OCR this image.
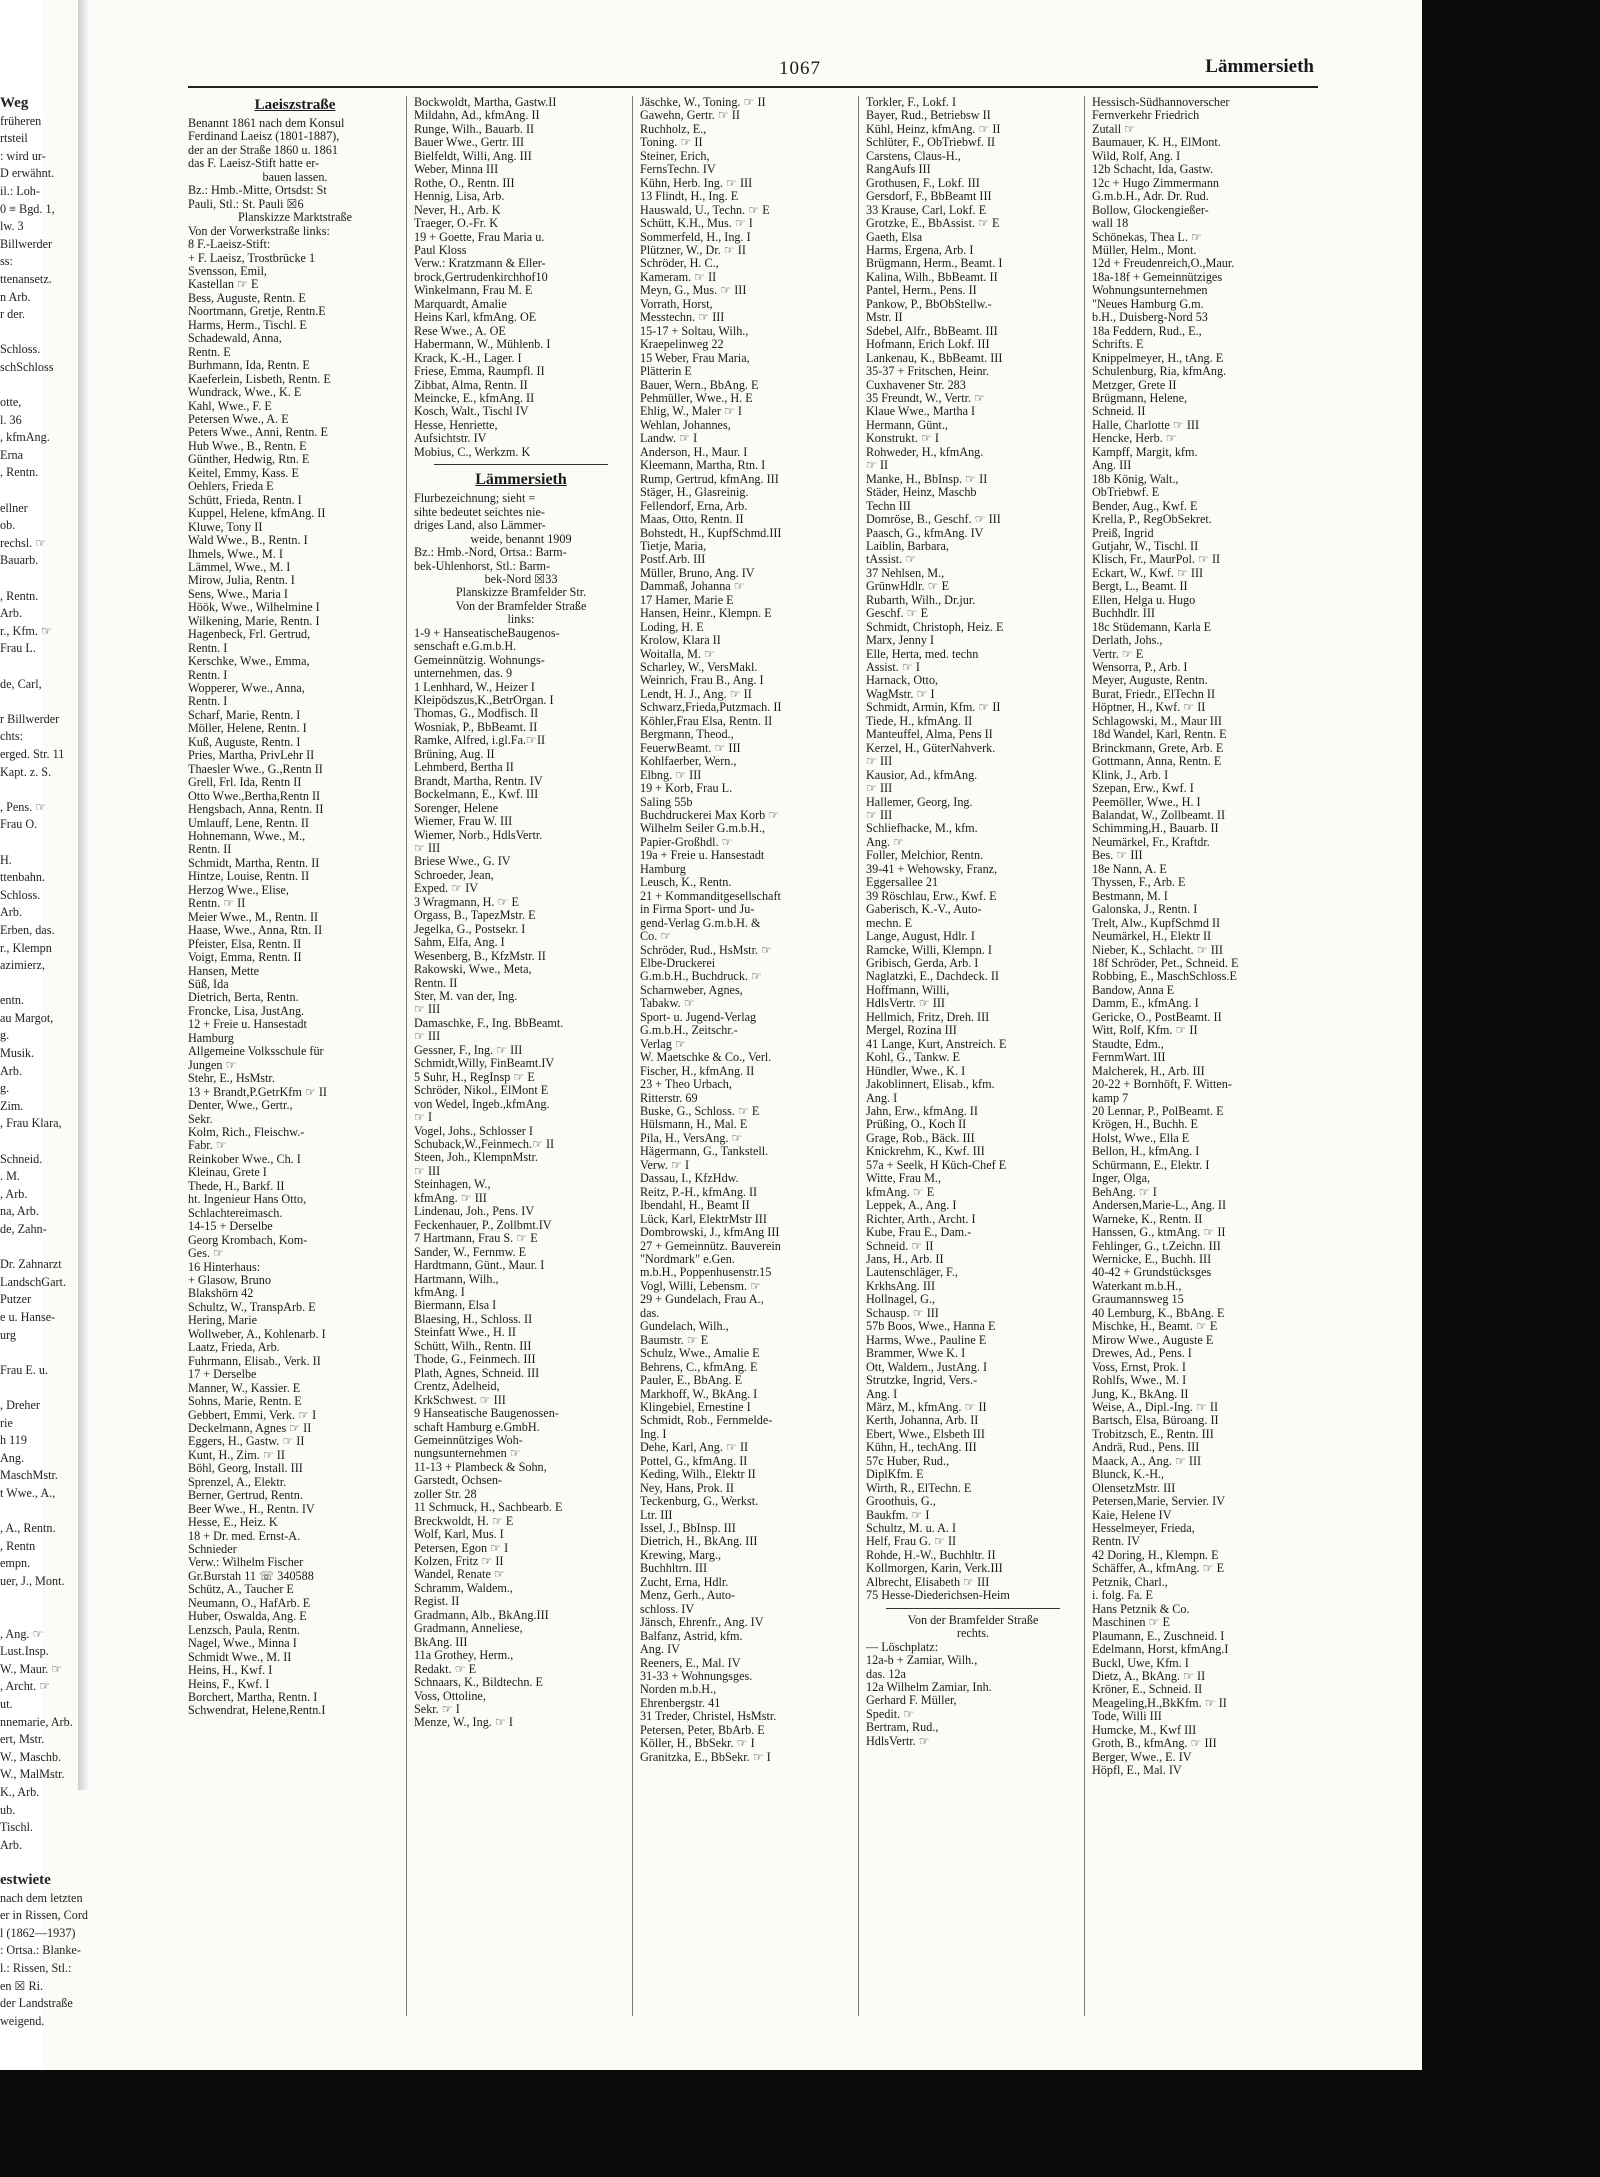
Weg
früheren
rtsteil
: wird ur-
D erwähnt.
il.: Loh-
0 ≡ Bgd. 1,
lw. 3
Billwerder
ss:
ttenansetz.
n Arb.
r der.
Schloss.
schSchloss
otte,
l. 36
, kfmAng.
Erna
, Rentn.
ellner
ob.
rechsl. ☞
Bauarb.
, Rentn.
Arb.
r., Kfm. ☞
Frau L.
de, Carl,
r Billwerder
chts:
erged. Str. 11
Kapt. z. S.
, Pens. ☞
Frau O.
H.
ttenbahn.
Schloss.
Arb.
Erben, das.
r., Klempn
azimierz,
entn.
au Margot,
g.
Musik.
Arb.
g.
Zim.
, Frau Klara,
Schneid.
. M.
, Arb.
na, Arb.
de, Zahn-
Dr. Zahnarzt
LandschGart.
Putzer
e u. Hanse-
urg
Frau E. u.
, Dreher
rie
h 119
Ang.
MaschMstr.
t Wwe., A.,
, A., Rentn.
, Rentn
empn.
uer, J., Mont.
, Ang. ☞
Lust.Insp.
W., Maur. ☞
, Archt. ☞
ut.
nnemarie, Arb.
ert, Mstr.
W., Maschb.
W., MalMstr.
K., Arb.
ub.
Tischl.
Arb.
estwiete
nach dem letzten
er in Rissen, Cord
l (1862—1937)
: Ortsa.: Blanke-
l.: Rissen, Stl.:
en ☒ Ri.
der Landstraße
weigend.
1067	Lämmersieth
Laeiszstraße
Benannt 1861 nach dem Konsul
Ferdinand Laeisz (1801-1887),
der an der Straße 1860 u. 1861
das F. Laeisz-Stift hatte er-
bauen lassen.
Bz.: Hmb.-Mitte, Ortsdst: St
Pauli, Stl.: St. Pauli ☒6
Planskizze Marktstraße
Von der Vorwerkstraße links:
8 F.-Laeisz-Stift:
+ F. Laeisz, Trostbrücke 1
Svensson, Emil,
Kastellan ☞ E
Bess, Auguste, Rentn. E
Noortmann, Gretje, Rentn.E
Harms, Herm., Tischl. E
Schadewald, Anna,
Rentn. E
Burhmann, Ida, Rentn. E
Kaeferlein, Lisbeth, Rentn. E
Wundrack, Wwe., K. E
Kahl, Wwe., F. E
Petersen Wwe., A. E
Peters Wwe., Anni, Rentn. E
Hub Wwe., B., Rentn. E
Günther, Hedwig, Rtn. E
Keitel, Emmy, Kass. E
Oehlers, Frieda E
Schütt, Frieda, Rentn. I
Kuppel, Helene, kfmAng. II
Kluwe, Tony II
Wald Wwe., B., Rentn. I
Ihmels, Wwe., M. I
Lämmel, Wwe., M. I
Mirow, Julia, Rentn. I
Sens, Wwe., Maria I
Höök, Wwe., Wilhelmine I
Wilkening, Marie, Rentn. I
Hagenbeck, Frl. Gertrud,
Rentn. I
Kerschke, Wwe., Emma,
Rentn. I
Wopperer, Wwe., Anna,
Rentn. I
Scharf, Marie, Rentn. I
Möller, Helene, Rentn. I
Kuß, Auguste, Rentn. I
Pries, Martha, PrivLehr II
Thaesler Wwe., G.,Rentn II
Grell, Frl. Ida, Rentn II
Otto Wwe.,Bertha,Rentn II
Hengsbach, Anna, Rentn. II
Umlauff, Lene, Rentn. II
Hohnemann, Wwe., M.,
Rentn. II
Schmidt, Martha, Rentn. II
Hintze, Louise, Rentn. II
Herzog Wwe., Elise,
Rentn. ☞ II
Meier Wwe., M., Rentn. II
Haase, Wwe., Anna, Rtn. II
Pfeister, Elsa, Rentn. II
Voigt, Emma, Rentn. II
Hansen, Mette
Süß, Ida
Dietrich, Berta, Rentn.
Froncke, Lisa, JustAng.
12 + Freie u. Hansestadt
Hamburg
Allgemeine Volksschule für
Jungen ☞
Stehr, E., HsMstr.
13 + Brandt,P.GetrKfm ☞ II
Denter, Wwe., Gertr.,
Sekr.
Kolm, Rich., Fleischw.-
Fabr. ☞
Reinkober Wwe., Ch. I
Kleinau, Grete I
Thede, H., Barkf. II
ht. Ingenieur Hans Otto,
Schlachtereimasch.
14-15 + Derselbe
Georg Krombach, Kom-
Ges. ☞
16 Hinterhaus:
+ Glasow, Bruno
Blakshörn 42
Schultz, W., TranspArb. E
Hering, Marie
Wollweber, A., Kohlenarb. I
Laatz, Frieda, Arb.
Fuhrmann, Elisab., Verk. II
17 + Derselbe
Manner, W., Kassier. E
Sohns, Marie, Rentn. E
Gebbert, Emmi, Verk. ☞ I
Deckelmann, Agnes ☞ II
Eggers, H., Gastw. ☞ II
Kunt, H., Zim. ☞ II
Böhl, Georg, Install. III
Sprenzel, A., Elektr.
Berner, Gertrud, Rentn.
Beer Wwe., H., Rentn. IV
Hesse, E., Heiz. K
18 + Dr. med. Ernst-A.
Schnieder
Verw.: Wilhelm Fischer
Gr.Burstah 11 ☏ 340588
Schütz, A., Taucher E
Neumann, O., HafArb. E
Huber, Oswalda, Ang. E
Lenzsch, Paula, Rentn.
Nagel, Wwe., Minna I
Schmidt Wwe., M. II
Heins, H., Kwf. I
Heins, F., Kwf. I
Borchert, Martha, Rentn. I
Schwendrat, Helene,Rentn.I
Bockwoldt, Martha, Gastw.II
Mildahn, Ad., kfmAng. II
Runge, Wilh., Bauarb. II
Bauer Wwe., Gertr. III
Bielfeldt, Willi, Ang. III
Weber, Minna III
Rothe, O., Rentn. III
Hennig, Lisa, Arb.
Never, H., Arb. K
Traeger, O.-Fr. K
19 + Goette, Frau Maria u.
Paul Kloss
Verw.: Kratzmann & Eller-
brock,Gertrudenkirchhof10
Winkelmann, Frau M. E
Marquardt, Amalie
Heins Karl, kfmAng. OE
Rese Wwe., A. OE
Habermann, W., Mühlenb. I
Krack, K.-H., Lager. I
Friese, Emma, Raumpfl. II
Zibbat, Alma, Rentn. II
Meincke, E., kfmAng. II
Kosch, Walt., Tischl IV
Hesse, Henriette,
Aufsichtstr. IV
Mobius, C., Werkzm. K
Lämmersieth
Flurbezeichnung; sieht =
sihte bedeutet seichtes nie-
driges Land, also Lämmer-
weide, benannt 1909
Bz.: Hmb.-Nord, Ortsa.: Barm-
bek-Uhlenhorst, Stl.: Barm-
bek-Nord ☒33
Planskizze Bramfelder Str.
Von der Bramfelder Straße
links:
1-9 + HanseatischeBaugenos-
senschaft e.G.m.b.H.
Gemeinnützig. Wohnungs-
unternehmen, das. 9
1 Lenhhard, W., Heizer I
Kleipödszus,K.,BetrOrgan. I
Thomas, G., Modfisch. II
Wosniak, P., BbBeamt. II
Ramke, Alfred, i.gl.Fa.☞II
Brüning, Aug. II
Lehmberd, Bertha II
Brandt, Martha, Rentn. IV
Bockelmann, E., Kwf. III
Sorenger, Helene
Wiemer, Frau W. III
Wiemer, Norb., HdlsVertr.
☞ III
Briese Wwe., G. IV
Schroeder, Jean,
Exped. ☞ IV
3 Wragmann, H. ☞ E
Orgass, B., TapezMstr. E
Jegelka, G., Postsekr. I
Sahm, Elfa, Ang. I
Wesenberg, B., KfzMstr. II
Rakowski, Wwe., Meta,
Rentn. II
Ster, M. van der, Ing.
☞ III
Damaschke, F., Ing. BbBeamt.
☞ III
Gessner, F., Ing. ☞ III
Schmidt,Willy, FinBeamt.IV
5 Suhr, H., RegInsp ☞ E
Schröder, Nikol., ElMont E
von Wedel, Ingeb.,kfmAng.
☞ I
Vogel, Johs., Schlosser I
Schuback,W.,Feinmech.☞ II
Steen, Joh., KlempnMstr.
☞ III
Steinhagen, W.,
kfmAng. ☞ III
Lindenau, Joh., Pens. IV
Feckenhauer, P., Zollbmt.IV
7 Hartmann, Frau S. ☞ E
Sander, W., Fernmw. E
Hardtmann, Günt., Maur. I
Hartmann, Wilh.,
kfmAng. I
Biermann, Elsa I
Blaesing, H., Schloss. II
Steinfatt Wwe., H. II
Schütt, Wilh., Rentn. III
Thode, G., Feinmech. III
Plath, Agnes, Schneid. III
Crentz, Adelheid,
KrkSchwest. ☞ III
9 Hanseatische Baugenossen-
schaft Hamburg e.GmbH.
Gemeinnütziges Woh-
nungsunternehmen ☞
11-13 + Plambeck & Sohn,
Garstedt, Ochsen-
zoller Str. 28
11 Schmuck, H., Sachbearb. E
Breckwoldt, H. ☞ E
Wolf, Karl, Mus. I
Petersen, Egon ☞ I
Kolzen, Fritz ☞ II
Wandel, Renate ☞
Schramm, Waldem.,
Regist. II
Gradmann, Alb., BkAng.III
Gradmann, Anneliese,
BkAng. III
11a Grothey, Herm.,
Redakt. ☞ E
Schnaars, K., Bildtechn. E
Voss, Ottoline,
Sekr. ☞ I
Menze, W., Ing. ☞ I
Jäschke, W., Toning. ☞ II
Gawehn, Gertr. ☞ II
Ruchholz, E.,
Toning. ☞ II
Steiner, Erich,
FernsTechn. IV
Kühn, Herb. Ing. ☞ III
13 Flindt, H., Ing. E
Hauswald, U., Techn. ☞ E
Schütt, K.H., Mus. ☞ I
Sommerfeld, H., Ing. I
Plützner, W., Dr. ☞ II
Schröder, H. C.,
Kameram. ☞ II
Meyn, G., Mus. ☞ III
Vorrath, Horst,
Messtechn. ☞ III
15-17 + Soltau, Wilh.,
Kraepelinweg 22
15 Weber, Frau Maria,
Plätterin E
Bauer, Wern., BbAng. E
Pehmüller, Wwe., H. E
Ehlig, W., Maler ☞ I
Wehlan, Johannes,
Landw. ☞ I
Anderson, H., Maur. I
Kleemann, Martha, Rtn. I
Rump, Gertrud, kfmAng. III
Stäger, H., Glasreinig.
Fellendorf, Erna, Arb.
Maas, Otto, Rentn. II
Bohstedt, H., KupfSchmd.III
Tietje, Maria,
Postf.Arb. III
Müller, Bruno, Ang. IV
Dammaß, Johanna ☞
17 Hamer, Marie E
Hansen, Heinr., Klempn. E
Loding, H. E
Krolow, Klara II
Woitalla, M. ☞
Scharley, W., VersMakl.
Weinrich, Frau B., Ang. I
Lendt, H. J., Ang. ☞ II
Schwarz,Frieda,Putzmach. II
Köhler,Frau Elsa, Rentn. II
Bergmann, Theod.,
FeuerwBeamt. ☞ III
Kohlfaerber, Wern.,
Elbng. ☞ III
19 + Korb, Frau L.
Saling 55b
Buchdruckerei Max Korb ☞
Wilhelm Seiler G.m.b.H.,
Papier-Großhdl. ☞
19a + Freie u. Hansestadt
Hamburg
Leusch, K., Rentn.
21 + Kommanditgesellschaft
in Firma Sport- und Ju-
gend-Verlag G.m.b.H. &
Co. ☞
Schröder, Rud., HsMstr. ☞
Elbe-Druckerei
G.m.b.H., Buchdruck. ☞
Scharnweber, Agnes,
Tabakw. ☞
Sport- u. Jugend-Verlag
G.m.b.H., Zeitschr.-
Verlag ☞
W. Maetschke & Co., Verl.
Fischer, H., kfmAng. II
23 + Theo Urbach,
Ritterstr. 69
Buske, G., Schloss. ☞ E
Hülsmann, H., Mal. E
Pila, H., VersAng. ☞
Hägermann, G., Tankstell.
Verw. ☞ I
Dassau, I., KfzHdw.
Reitz, P.-H., kfmAng. II
Ibendahl, H., Beamt II
Lück, Karl, ElektrMstr III
Dombrowski, J., kfmAng III
27 + Gemeinnütz. Bauverein
"Nordmark" e.Gen.
m.b.H., Poppenhusenstr.15
Vogl, Willi, Lebensm. ☞
29 + Gundelach, Frau A.,
das.
Gundelach, Wilh.,
Baumstr. ☞ E
Schulz, Wwe., Amalie E
Behrens, C., kfmAng. E
Pauler, E., BbAng. E
Markhoff, W., BkAng. I
Klingebiel, Ernestine I
Schmidt, Rob., Fernmelde-
Ing. I
Dehe, Karl, Ang. ☞ II
Pottel, G., kfmAng. II
Keding, Wilh., Elektr II
Ney, Hans, Prok. II
Teckenburg, G., Werkst.
Ltr. III
Issel, J., BbInsp. III
Dietrich, H., BkAng. III
Krewing, Marg.,
Buchhltrn. III
Zucht, Erna, Hdlr.
Menz, Gerh., Auto-
schloss. IV
Jänsch, Ehrenfr., Ang. IV
Balfanz, Astrid, kfm.
Ang. IV
Reeners, E., Mal. IV
31-33 + Wohnungsges.
Norden m.b.H.,
Ehrenbergstr. 41
31 Treder, Christel, HsMstr.
Petersen, Peter, BbArb. E
Köller, H., BbSekr. ☞ I
Granitzka, E., BbSekr. ☞ I
Torkler, F., Lokf. I
Bayer, Rud., Betriebsw II
Kühl, Heinz, kfmAng. ☞ II
Schlüter, F., ObTriebwf. II
Carstens, Claus-H.,
RangAufs III
Grothusen, F., Lokf. III
Gersdorf, F., BbBeamt III
33 Krause, Carl, Lokf. E
Grotzke, E., BbAssist. ☞ E
Gaeth, Elsa
Harms, Ergena, Arb. I
Brügmann, Herm., Beamt. I
Kalina, Wilh., BbBeamt. II
Pantel, Herm., Pens. II
Pankow, P., BbObStellw.-
Mstr. II
Sdebel, Alfr., BbBeamt. III
Hofmann, Erich Lokf. III
Lankenau, K., BbBeamt. III
35-37 + Fritschen, Heinr.
Cuxhavener Str. 283
35 Freundt, W., Vertr. ☞
Klaue Wwe., Martha I
Hermann, Günt.,
Konstrukt. ☞ I
Rohweder, H., kfmAng.
☞ II
Manke, H., BbInsp. ☞ II
Städer, Heinz, Maschb
Techn III
Domröse, B., Geschf. ☞ III
Paasch, G., kfmAng. IV
Laiblin, Barbara,
tAssist. ☞
37 Nehlsen, M.,
GrünwHdlr. ☞ E
Rubarth, Wilh., Dr.jur.
Geschf. ☞ E
Schmidt, Christoph, Heiz. E
Marx, Jenny I
Elle, Herta, med. techn
Assist. ☞ I
Harnack, Otto,
WagMstr. ☞ I
Schmidt, Armin, Kfm. ☞ II
Tiede, H., kfmAng. II
Manteuffel, Alma, Pens II
Kerzel, H., GüterNahverk.
☞ III
Kausior, Ad., kfmAng.
☞ III
Hallemer, Georg, Ing.
☞ III
Schliefhacke, M., kfm.
Ang. ☞
Foller, Melchior, Rentn.
39-41 + Wehowsky, Franz,
Eggersallee 21
39 Röschlau, Erw., Kwf. E
Gaberisch, K.-V., Auto-
mechn. E
Lange, August, Hdlr. I
Ramcke, Willi, Klempn. I
Gribisch, Gerda, Arb. I
Naglatzki, E., Dachdeck. II
Hoffmann, Willi,
HdlsVertr. ☞ III
Hellmich, Fritz, Dreh. III
Mergel, Rozina III
41 Lange, Kurt, Anstreich. E
Kohl, G., Tankw. E
Hündler, Wwe., K. I
Jakoblinnert, Elisab., kfm.
Ang. I
Jahn, Erw., kfmAng. II
Prüßing, O., Koch II
Grage, Rob., Bäck. III
Knickrehm, K., Kwf. III
57a + Seelk, H Küch-Chef E
Witte, Frau M.,
kfmAng. ☞ E
Leppek, A., Ang. I
Richter, Arth., Archt. I
Kube, Frau E., Dam.-
Schneid. ☞ II
Jans, H., Arb. II
Lautenschläger, F.,
KrkhsAng. III
Hollnagel, G.,
Schausp. ☞ III
57b Boos, Wwe., Hanna E
Harms, Wwe., Pauline E
Brammer, Wwe K. I
Ott, Waldem., JustAng. I
Strutzke, Ingrid, Vers.-
Ang. I
März, M., kfmAng. ☞ II
Kerth, Johanna, Arb. II
Ebert, Wwe., Elsbeth III
Kühn, H., techAng. III
57c Huber, Rud.,
DiplKfm. E
Wirth, R., ElTechn. E
Groothuis, G.,
Baukfm. ☞ I
Schultz, M. u. A. I
Helf, Frau G. ☞ II
Rohde, H.-W., Buchhltr. II
Kollmorgen, Karin, Verk.III
Albrecht, Elisabeth ☞ III
75 Hesse-Diederichsen-Heim
Von der Bramfelder Straße
rechts.
— Löschplatz:
12a-b + Zamiar, Wilh.,
das. 12a
12a Wilhelm Zamiar, Inh.
Gerhard F. Müller,
Spedit. ☞
Bertram, Rud.,
HdlsVertr. ☞
Hessisch-Südhannoverscher
Fernverkehr Friedrich
Zutall ☞
Baumauer, K. H., ElMont.
Wild, Rolf, Ang. I
12b Schacht, Ida, Gastw.
12c + Hugo Zimmermann
G.m.b.H., Adr. Dr. Rud.
Bollow, Glockengießer-
wall 18
Schönekas, Thea L. ☞
Müller, Helm., Mont.
12d + Freudenreich,O.,Maur.
18a-18f + Gemeinnütziges
Wohnungsunternehmen
"Neues Hamburg G.m.
b.H., Duisberg-Nord 53
18a Feddern, Rud., E.,
Schrifts. E
Knippelmeyer, H., tAng. E
Schulenburg, Ria, kfmAng.
Metzger, Grete II
Brügmann, Helene,
Schneid. II
Halle, Charlotte ☞ III
Hencke, Herb. ☞
Kampff, Margit, kfm.
Ang. III
18b König, Walt.,
ObTriebwf. E
Bender, Aug., Kwf. E
Krella, P., RegObSekret.
Preiß, Ingrid
Gutjahr, W., Tischl. II
Klisch, Fr., MaurPol. ☞ II
Eckart, W., Kwf. ☞ III
Bergt, L., Beamt. II
Ellen, Helga u. Hugo
Buchhdlr. III
18c Stüdemann, Karla E
Derlath, Johs.,
Vertr. ☞ E
Wensorra, P., Arb. I
Meyer, Auguste, Rentn.
Burat, Friedr., ElTechn II
Höptner, H., Kwf. ☞ II
Schlagowski, M., Maur III
18d Wandel, Karl, Rentn. E
Brinckmann, Grete, Arb. E
Gottmann, Anna, Rentn. E
Klink, J., Arb. I
Szepan, Erw., Kwf. I
Peemöller, Wwe., H. I
Balandat, W., Zollbeamt. II
Schimming,H., Bauarb. II
Neumärkel, Fr., Kraftdr.
Bes. ☞ III
18e Nann, A. E
Thyssen, F., Arb. E
Bestmann, M. I
Galonska, J., Rentn. I
Trelt, Alw., KupfSchmd II
Neumärkel, H., Elektr II
Nieber, K., Schlacht. ☞ III
18f Schröder, Pet., Schneid. E
Robbing, E., MaschSchloss.E
Bandow, Anna E
Damm, E., kfmAng. I
Gericke, O., PostBeamt. II
Witt, Rolf, Kfm. ☞ II
Staudte, Edm.,
FernmWart. III
Malcherek, H., Arb. III
20-22 + Bornhöft, F. Witten-
kamp 7
20 Lennar, P., PolBeamt. E
Krögen, H., Buchh. E
Holst, Wwe., Ella E
Bellon, H., kfmAng. I
Schürmann, E., Elektr. I
Inger, Olga,
BehAng. ☞ I
Andersen,Marie-L., Ang. II
Warneke, K., Rentn. II
Hanssen, G., ktmAng. ☞ II
Fehlinger, G., t.Zeichn. III
Wernicke, E., Buchh. III
40-42 + Grundstücksges
Waterkant m.b.H.,
Graumannsweg 15
40 Lemburg, K., BbAng. E
Mischke, H., Beamt. ☞ E
Mirow Wwe., Auguste E
Drewes, Ad., Pens. I
Voss, Ernst, Prok. I
Rohlfs, Wwe., M. I
Jung, K., BkAng. II
Weise, A., Dipl.-Ing. ☞ II
Bartsch, Elsa, Büroang. II
Trobitzsch, E., Rentn. III
Andrä, Rud., Pens. III
Maack, A., Ang. ☞ III
Blunck, K.-H.,
OlensetzMstr. III
Petersen,Marie, Servier. IV
Kaie, Helene IV
Hesselmeyer, Frieda,
Rentn. IV
42 Doring, H., Klempn. E
Schäffer, A., kfmAng. ☞ E
Petznik, Charl.,
i. folg. Fa. E
Hans Petznik & Co.
Maschinen ☞ E
Plaumann, E., Zuschneid. I
Edelmann, Horst, kfmAng.I
Buckl, Uwe, Kfm. I
Dietz, A., BkAng. ☞ II
Kröner, E., Schneid. II
Meageling,H.,BkKfm. ☞ II
Tode, Willi III
Humcke, M., Kwf III
Groth, B., kfmAng. ☞ III
Berger, Wwe., E. IV
Höpfl, E., Mal. IV
